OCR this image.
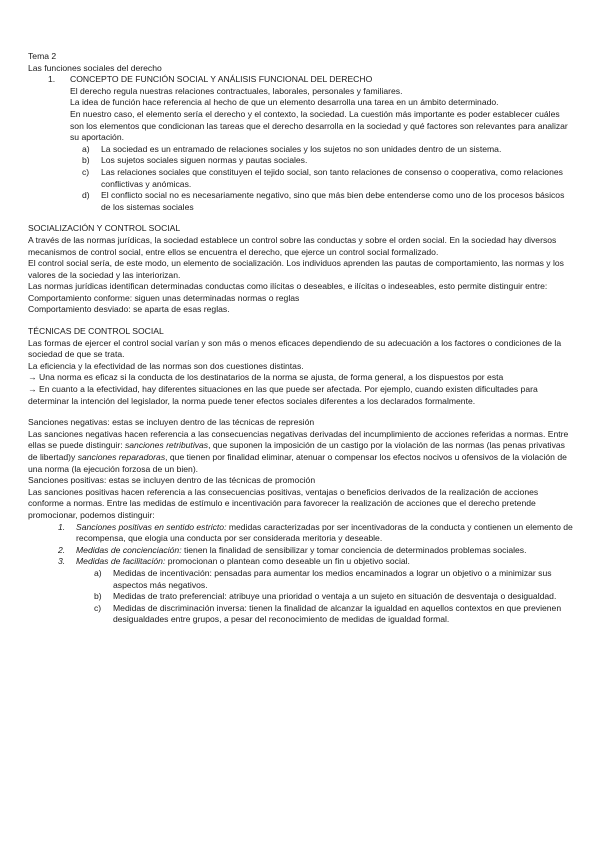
Tema 2

Las funciones sociales del derecho

1. CONCEPTO DE FUNCIÓN SOCIAL Y ANÁLISIS FUNCIONAL DEL DERECHO

El derecho regula nuestras relaciones contractuales, laborales, personales y familiares.

La idea de función hace referencia al hecho de que un elemento desarrolla una tarea en un ámbito determinado.

En nuestro caso, el elemento sería el derecho y el contexto, la sociedad. La cuestión más importante es poder establecer cuáles son los elementos que condicionan las tareas que el derecho desarrolla en la sociedad y qué factores son relevantes para analizar su aportación.

a) La sociedad es un entramado de relaciones sociales y los sujetos no son unidades dentro de un sistema.
b) Los sujetos sociales siguen normas y pautas sociales.
c) Las relaciones sociales que constituyen el tejido social, son tanto relaciones de consenso o cooperativa, como relaciones conflictivas y anómicas.
d) El conflicto social no es necesariamente negativo, sino que más bien debe entenderse como uno de los procesos básicos de los sistemas sociales

SOCIALIZACIÓN Y CONTROL SOCIAL

A través de las normas jurídicas, la sociedad establece un control sobre las conductas y sobre el orden social. En la sociedad hay diversos mecanismos de control social, entre ellos se encuentra el derecho, que ejerce un control social formalizado.

El control social sería, de este modo, un elemento de socialización. Los individuos aprenden las pautas de comportamiento, las normas y los valores de la sociedad y las interiorizan.

Las normas jurídicas identifican determinadas conductas como ilícitas o deseables, e ilícitas o indeseables, esto permite distinguir entre:

Comportamiento conforme: siguen unas determinadas normas o reglas

Comportamiento desviado: se aparta de esas reglas.

TÉCNICAS DE CONTROL SOCIAL

Las formas de ejercer el control social varían y son más o menos eficaces dependiendo de su adecuación a los factores o condiciones de la sociedad de que se trata.

La eficiencia y la efectividad de las normas son dos cuestiones distintas.

→ Una norma es eficaz si la conducta de los destinatarios de la norma se ajusta, de forma general, a los dispuestos por esta

→ En cuanto a la efectividad, hay diferentes situaciones en las que puede ser afectada. Por ejemplo, cuando existen dificultades para determinar la intención del legislador, la norma puede tener efectos sociales diferentes a los declarados formalmente.

Sanciones negativas: estas se incluyen dentro de las técnicas de represión

Las sanciones negativas hacen referencia a las consecuencias negativas derivadas del incumplimiento de acciones referidas a normas. Entre ellas se puede distinguir: sanciones retributivas, que suponen la imposición de un castigo por la violación de las normas (las penas privativas de libertad)y sanciones reparadoras, que tienen por finalidad eliminar, atenuar o compensar los efectos nocivos u ofensivos de la violación de una norma (la ejecución forzosa de un bien).

Sanciones positivas: estas se incluyen dentro de las técnicas de promoción

Las sanciones positivas hacen referencia a las consecuencias positivas, ventajas o beneficios derivados de la realización de acciones conforme a normas. Entre las medidas de estímulo e incentivación para favorecer la realización de acciones que el derecho pretende promocionar, podemos distinguir:

1. Sanciones positivas en sentido estricto: medidas caracterizadas por ser incentivadoras de la conducta y contienen un elemento de recompensa, que elogia una conducta por ser considerada meritoria y deseable.
2. Medidas de concienciación: tienen la finalidad de sensibilizar y tomar conciencia de determinados problemas sociales.
3. Medidas de facilitación: promocionan o plantean como deseable un fin u objetivo social.
a) Medidas de incentivación: pensadas para aumentar los medios encaminados a lograr un objetivo o a minimizar sus aspectos más negativos.
b) Medidas de trato preferencial: atribuye una prioridad o ventaja a un sujeto en situación de desventaja o desigualdad.
c) Medidas de discriminación inversa: tienen la finalidad de alcanzar la igualdad en aquellos contextos en que previenen desigualdades entre grupos, a pesar del reconocimiento de medidas de igualdad formal.
